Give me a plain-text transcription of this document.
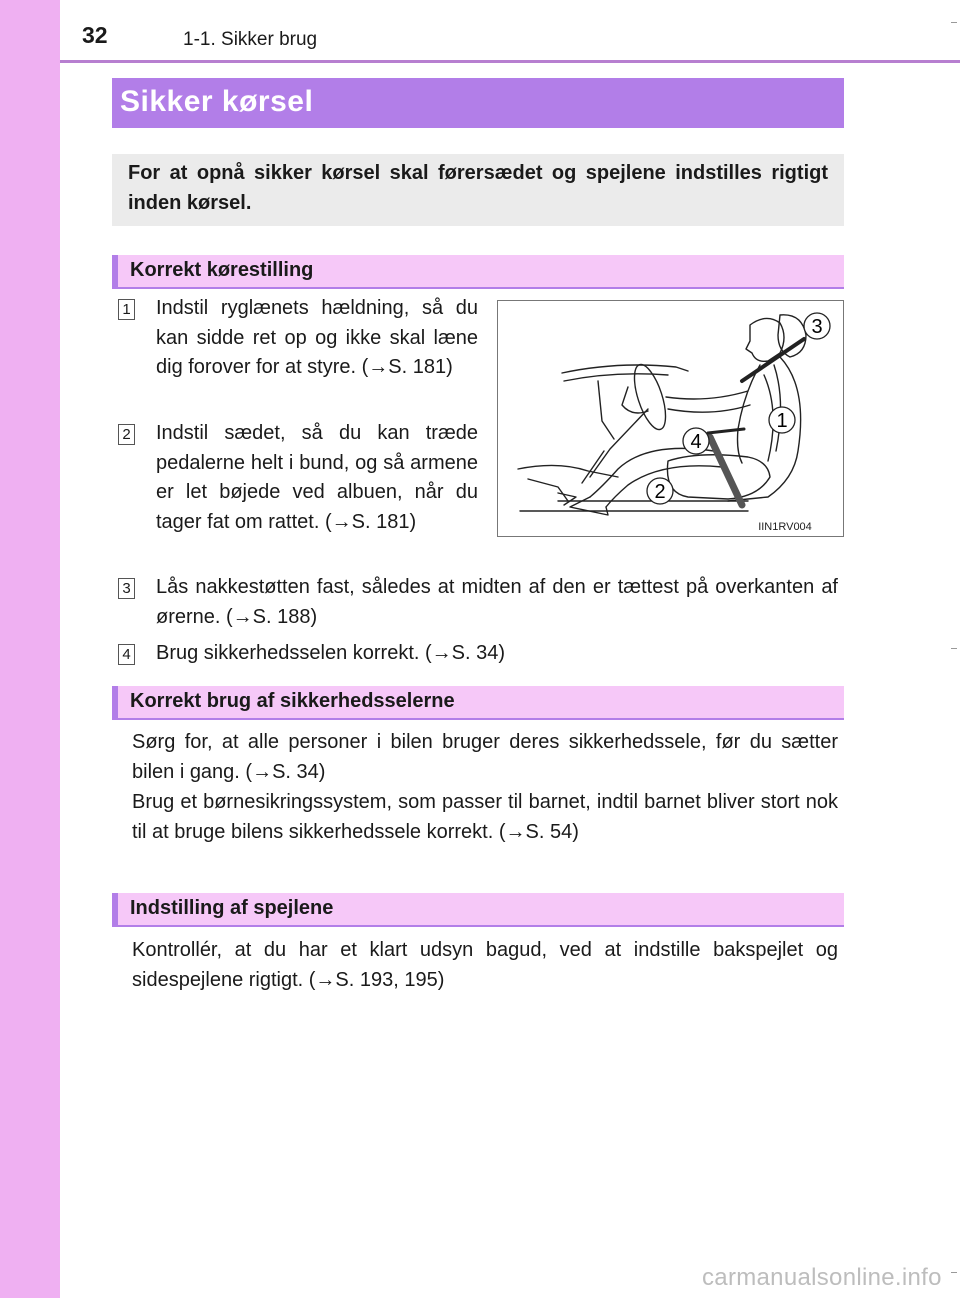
32	1-1. Sikker brug
Sikker kørsel
For at opnå sikker kørsel skal førersædet og spejlene indstilles rigtigt inden kørsel.
Korrekt kørestilling
1 Indstil ryglænets hældning, så du kan sidde ret op og ikke skal læne dig forover for at styre. (→S. 181)
2 Indstil sædet, så du kan træde pedalerne helt i bund, og så armene er let bøjede ved albuen, når du tager fat om rattet. (→S. 181)
3 Lås nakkestøtten fast, således at midten af den er tættest på overkanten af ørerne. (→S. 188)
4 Brug sikkerhedsselen korrekt. (→S. 34)
3
1
4
2
IIN1RV004
Korrekt brug af sikkerhedsselerne
Sørg for, at alle personer i bilen bruger deres sikkerhedssele, før du sætter bilen i gang. (→S. 34)
Brug et børnesikringssystem, som passer til barnet, indtil barnet bliver stort nok til at bruge bilens sikkerhedssele korrekt. (→S. 54)
Indstilling af spejlene
Kontrollér, at du har et klart udsyn bagud, ved at indstille bakspejlet og sidespejlene rigtigt. (→S. 193, 195)
carmanualsonline.info
